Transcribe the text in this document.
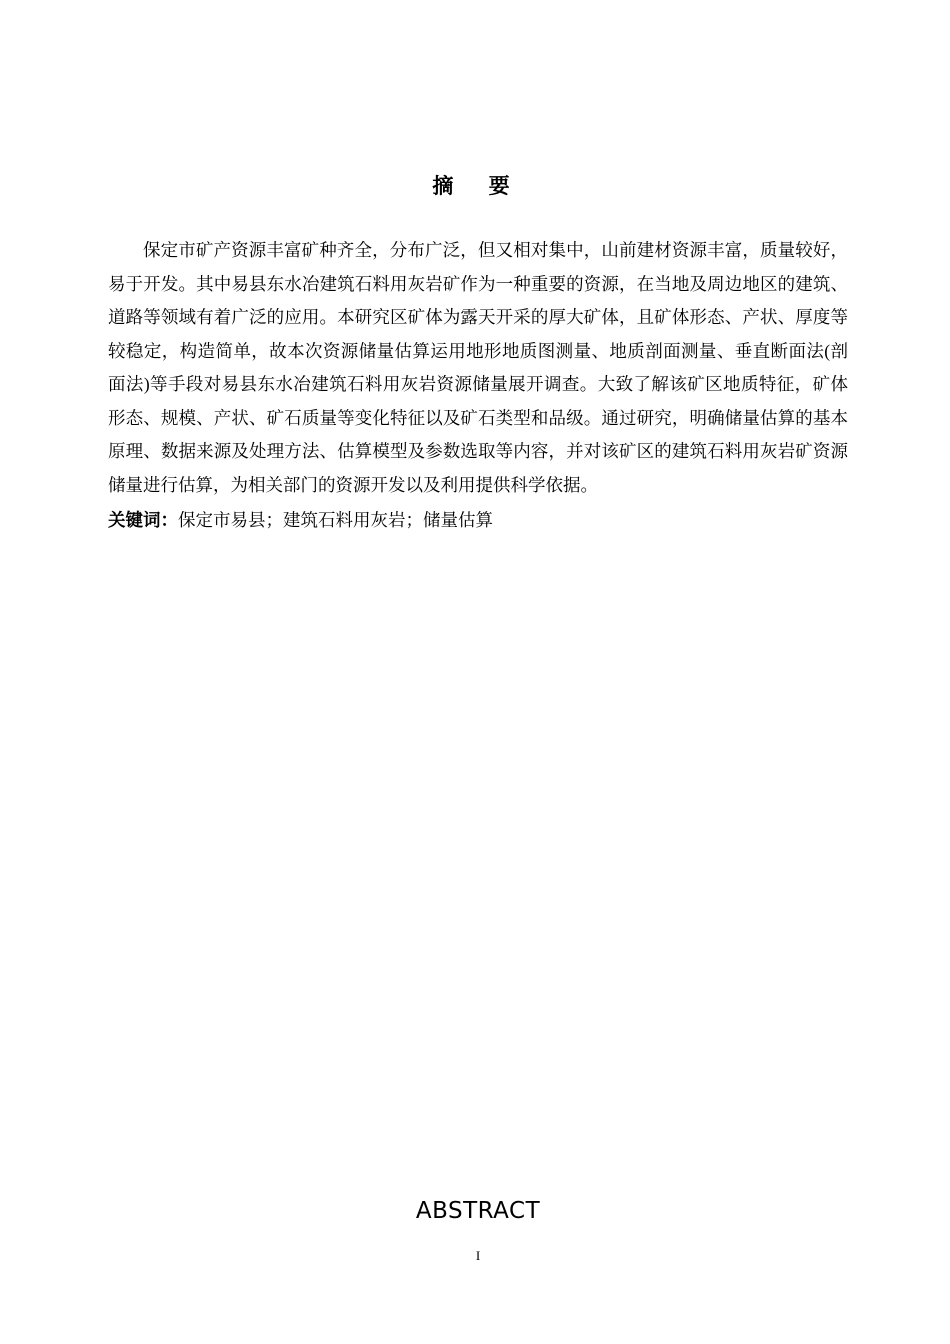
摘 要
保定市矿产资源丰富矿种齐全，分布广泛，但又相对集中，山前建材资源丰富，质量较好，易于开发。其中易县东水冶建筑石料用灰岩矿作为一种重要的资源，在当地及周边地区的建筑、道路等领域有着广泛的应用。本研究区矿体为露天开采的厚大矿体，且矿体形态、产状、厚度等较稳定，构造简单，故本次资源储量估算运用地形地质图测量、地质剖面测量、垂直断面法(剖面法)等手段对易县东水冶建筑石料用灰岩资源储量展开调查。大致了解该矿区地质特征，矿体形态、规模、产状、矿石质量等变化特征以及矿石类型和品级。通过研究，明确储量估算的基本原理、数据来源及处理方法、估算模型及参数选取等内容，并对该矿区的建筑石料用灰岩矿资源储量进行估算，为相关部门的资源开发以及利用提供科学依据。
关键词：保定市易县；建筑石料用灰岩；储量估算
ABSTRACT
I
